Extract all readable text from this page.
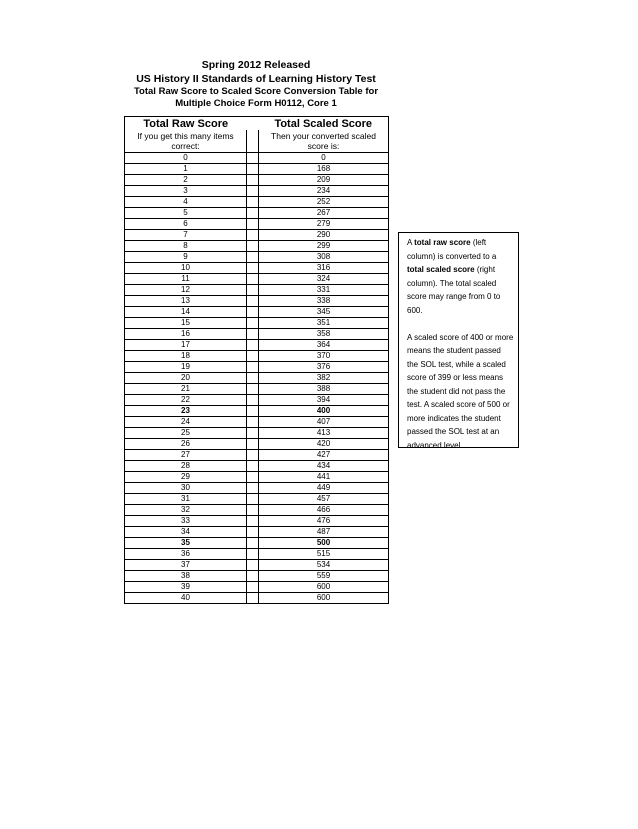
Spring 2012 Released
US History II Standards of Learning History Test
Total Raw Score to Scaled Score Conversion Table for
Multiple Choice Form H0112, Core 1
Total Raw Score		Total Scaled Score
If you get this many items correct:		Then your converted scaled score is:
0		0
1		168
2		209
3		234
4		252
5		267
6		279
7		290
8		299
9		308
10		316
11		324
12		331
13		338
14		345
15		351
16		358
17		364
18		370
19		376
20		382
21		388
22		394
23		400
24		407
25		413
26		420
27		427
28		434
29		441
30		449
31		457
32		466
33		476
34		487
35		500
36		515
37		534
38		559
39		600
40		600

A total raw score (left column) is converted to a total scaled score (right column). The total scaled score may range from 0 to 600.

A scaled score of 400 or more means the student passed the SOL test, while a scaled score of 399 or less means the student did not pass the test. A scaled score of 500 or more indicates the student passed the SOL test at an advanced level.
